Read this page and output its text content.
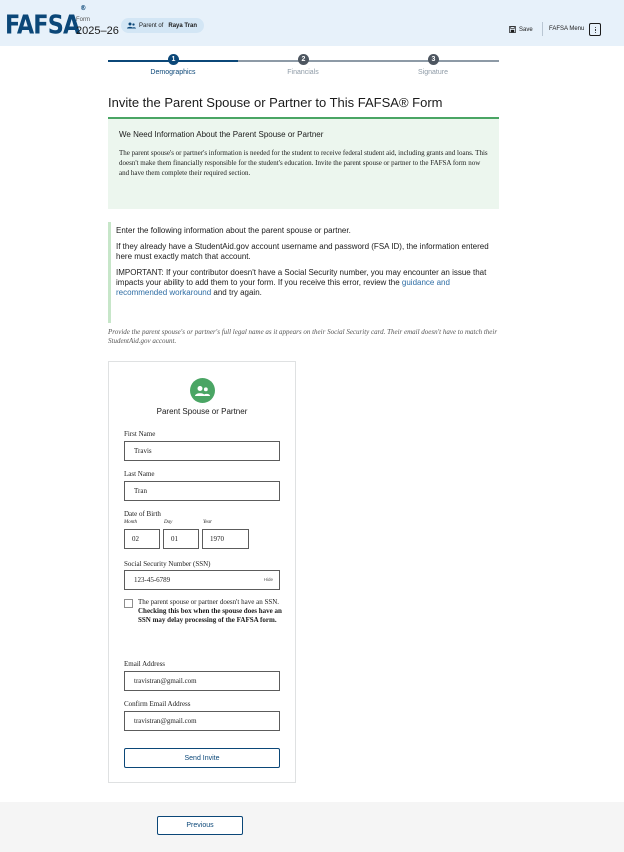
FAFSA®
Form
2025–26	Parent of Raya Tran
Save	FAFSA Menu
1	2	3
Demographics	Financials	Signature
Invite the Parent Spouse or Partner to This FAFSA® Form
We Need Information About the Parent Spouse or Partner

The parent spouse's or partner's information is needed for the student to receive federal student aid, including grants and loans. This doesn't make them financially responsible for the student's education. Invite the parent spouse or partner to the FAFSA form now and have them complete their required section.

Enter the following information about the parent spouse or partner.

If they already have a StudentAid.gov account username and password (FSA ID), the information entered here must exactly match that account.

IMPORTANT: If your contributor doesn't have a Social Security number, you may encounter an issue that impacts your ability to add them to your form. If you receive this error, review the guidance and recommended workaround and try again.

Provide the parent spouse's or partner's full legal name as it appears on their Social Security card. Their email doesn't have to match their StudentAid.gov account.
Parent Spouse or Partner
First Name
Travis
Last Name
Tran
Date of Birth
Month	Day	Year
02	01	1970
Social Security Number (SSN)
123-45-6789	Hide
The parent spouse or partner doesn't have an SSN. Checking this box when the spouse does have an SSN may delay processing of the FAFSA form.
Email Address
travistran@gmail.com
Confirm Email Address
travistran@gmail.com
Send Invite
Previous
